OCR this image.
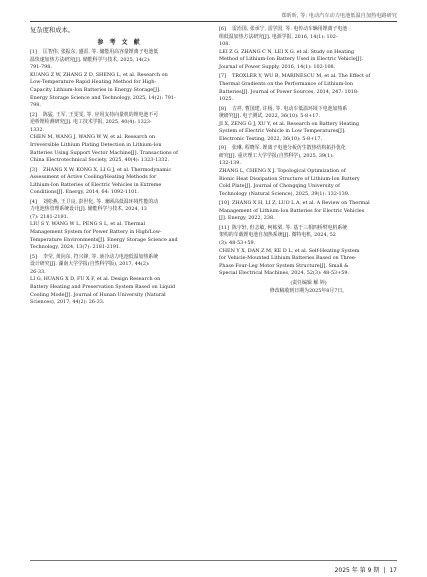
郑昕昕, 等: 电动汽车动力电池低温自加热电路研究

复杂度和成本。

参 考 文 献
[1] 匡智伟, 张振东, 盛雷, 等. 储能用高容量锂离子电池低
温快速加热方法研究[J]. 储能科学与技术, 2025, 14(2):
791-798.
KUANG Z W, ZHANG Z D, SHENG L, et al. Research on
Low-Temperature Rapid Heating Method for High-
Capacity Lithium-Ion Batteries in Energy Storage[J].
Energy Storage Science and Technology, 2025, 14(2): 791-
798.
[2] 陈猛, 王军, 王雯雯, 等. 应用支持向量机的锂电池不可
逆析锂检测研究[J]. 电工技术学报, 2025, 40(4): 1323-
1332.
CHEN M, WANG J, WANG W W, et al. Research on
Irreversible Lithium Plating Detection in Lithium-Ion
Batteries Using Support Vector Machine[J]. Transactions of
China Electrotechnical Society, 2025, 40(4): 1323-1332.
[3] ZHANG X W, KONG X, LI G J, et al. Thermodynamic
Assessment of Active Cooling/Heating Methods for
Lithium-Ion Batteries of Electric Vehicles in Extreme
Conditions[J]. Energy, 2014, 64: 1092-1101.
[4] 刘松燕, 王卫良, 彭世化, 等. 兼顾高低温环境性能的动
力电池热管理系统设计[J]. 储能科学与技术, 2024, 13
(7): 2181-2191.
LIU S Y, WANG W L, PENG S L, et al. Thermal
Management System for Power Battery in High/Low-
Temperature Environments[J]. Energy Storage Science and
Technology, 2024, 13(7): 2181-2191.
[5] 李莹, 黄向东, 符兴锋, 等. 液冷动力电池低温加热系统
设计研究[J]. 湖南大学学报(自然科学版), 2017, 44(2):
26-33.
LI G, HUANG X D, FU X F, et al. Design Research on
Battery Heating and Preservation System Based on Liquid
Cooling Mode[J]. Journal of Hunan University (Natural
Sciences), 2017, 44(2): 26-33.
[6] 雷治国, 张承宁, 雷学国, 等. 电传动车辆用锂离子电池
组低温加热方法研究[J]. 电源学报, 2016, 14(1): 102-
108.
LEI Z G, ZHANG C N, LEI X G, et al. Study on Heating
Method of Lithium-Ion Battery Used in Electric Vehicle[J].
Journal of Power Supply, 2016, 14(1): 102-108.
[7] TROXLER Y, WU B, MARINESCU M, et al. The Effect of
Thermal Gradients on the Performance of Lithium-Ion
Batteries[J]. Journal of Power Sources, 2014, 247: 1018-
1025.
[8] 吉祥, 曹国建, 许杨, 等. 电动车低温环境下电池加热系
统研究[J]. 电子测试, 2022, 36(10): 5-8+17.
JI X, ZENG G J, XU Y, et al. Research on Battery Heating
System of Electric Vehicle in Low Temperatures[J].
Electronic Testing, 2022, 36(10): 5-8+17.
[9] 张琳, 程晓军. 锂离子电池分板仿生散热结构拓扑优化
研究[J]. 重庆理工大学学报(自然科学), 2025, 39(1):
132-139.
ZHANG L, CHENG X J. Topological Optimization of
Bionic Heat Dissipation Structure of Lithium-Ion Battery
Cold Plate[J]. Journal of Chongqing University of
Technology (Natural Science), 2025, 39(1): 132-139.
[10] ZHANG X H, LI Z, LUO L A, et al. A Review on Thermal
Management of Lithium-Ion Batteries for Electric Vehicles
[J]. Energy, 2022, 238.
[11] 陈宇轩, 但志敏, 柯栋梁, 等. 基于三相四桥臂电机系统
架构的车载锂电池自加热系统[J]. 微特电机, 2024, 52
(3): 48-53+59.
CHEN Y X, DAN Z M, KE D L, et al. Self-Heating System
for Vehicle-Mounted Lithium Batteries Based on Three-
Phase Four-Leg Motor System Structure[J]. Small &
Special Electrical Machines, 2024, 52(3): 48-53+59.
(责任编辑 解 婷)
修改稿收到日期为2025年8月7日。
2025 年 第 9 期 | 17
